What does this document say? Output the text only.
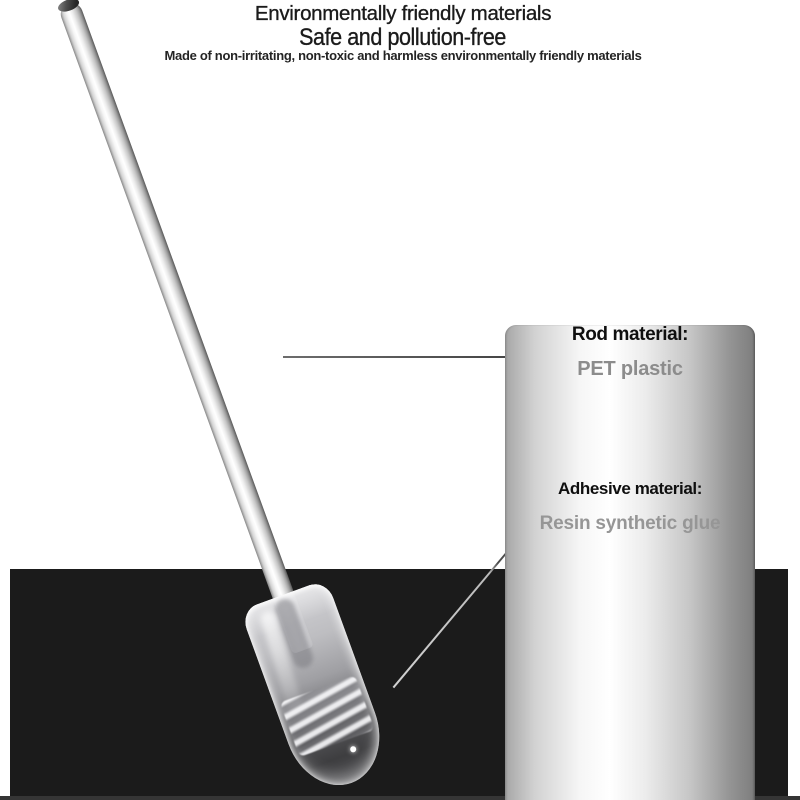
Environmentally friendly materials
Safe and pollution-free
Made of non-irritating, non-toxic and harmless environmentally friendly materials
Rod material:
PET plastic
Adhesive material:
Resin synthetic glue
